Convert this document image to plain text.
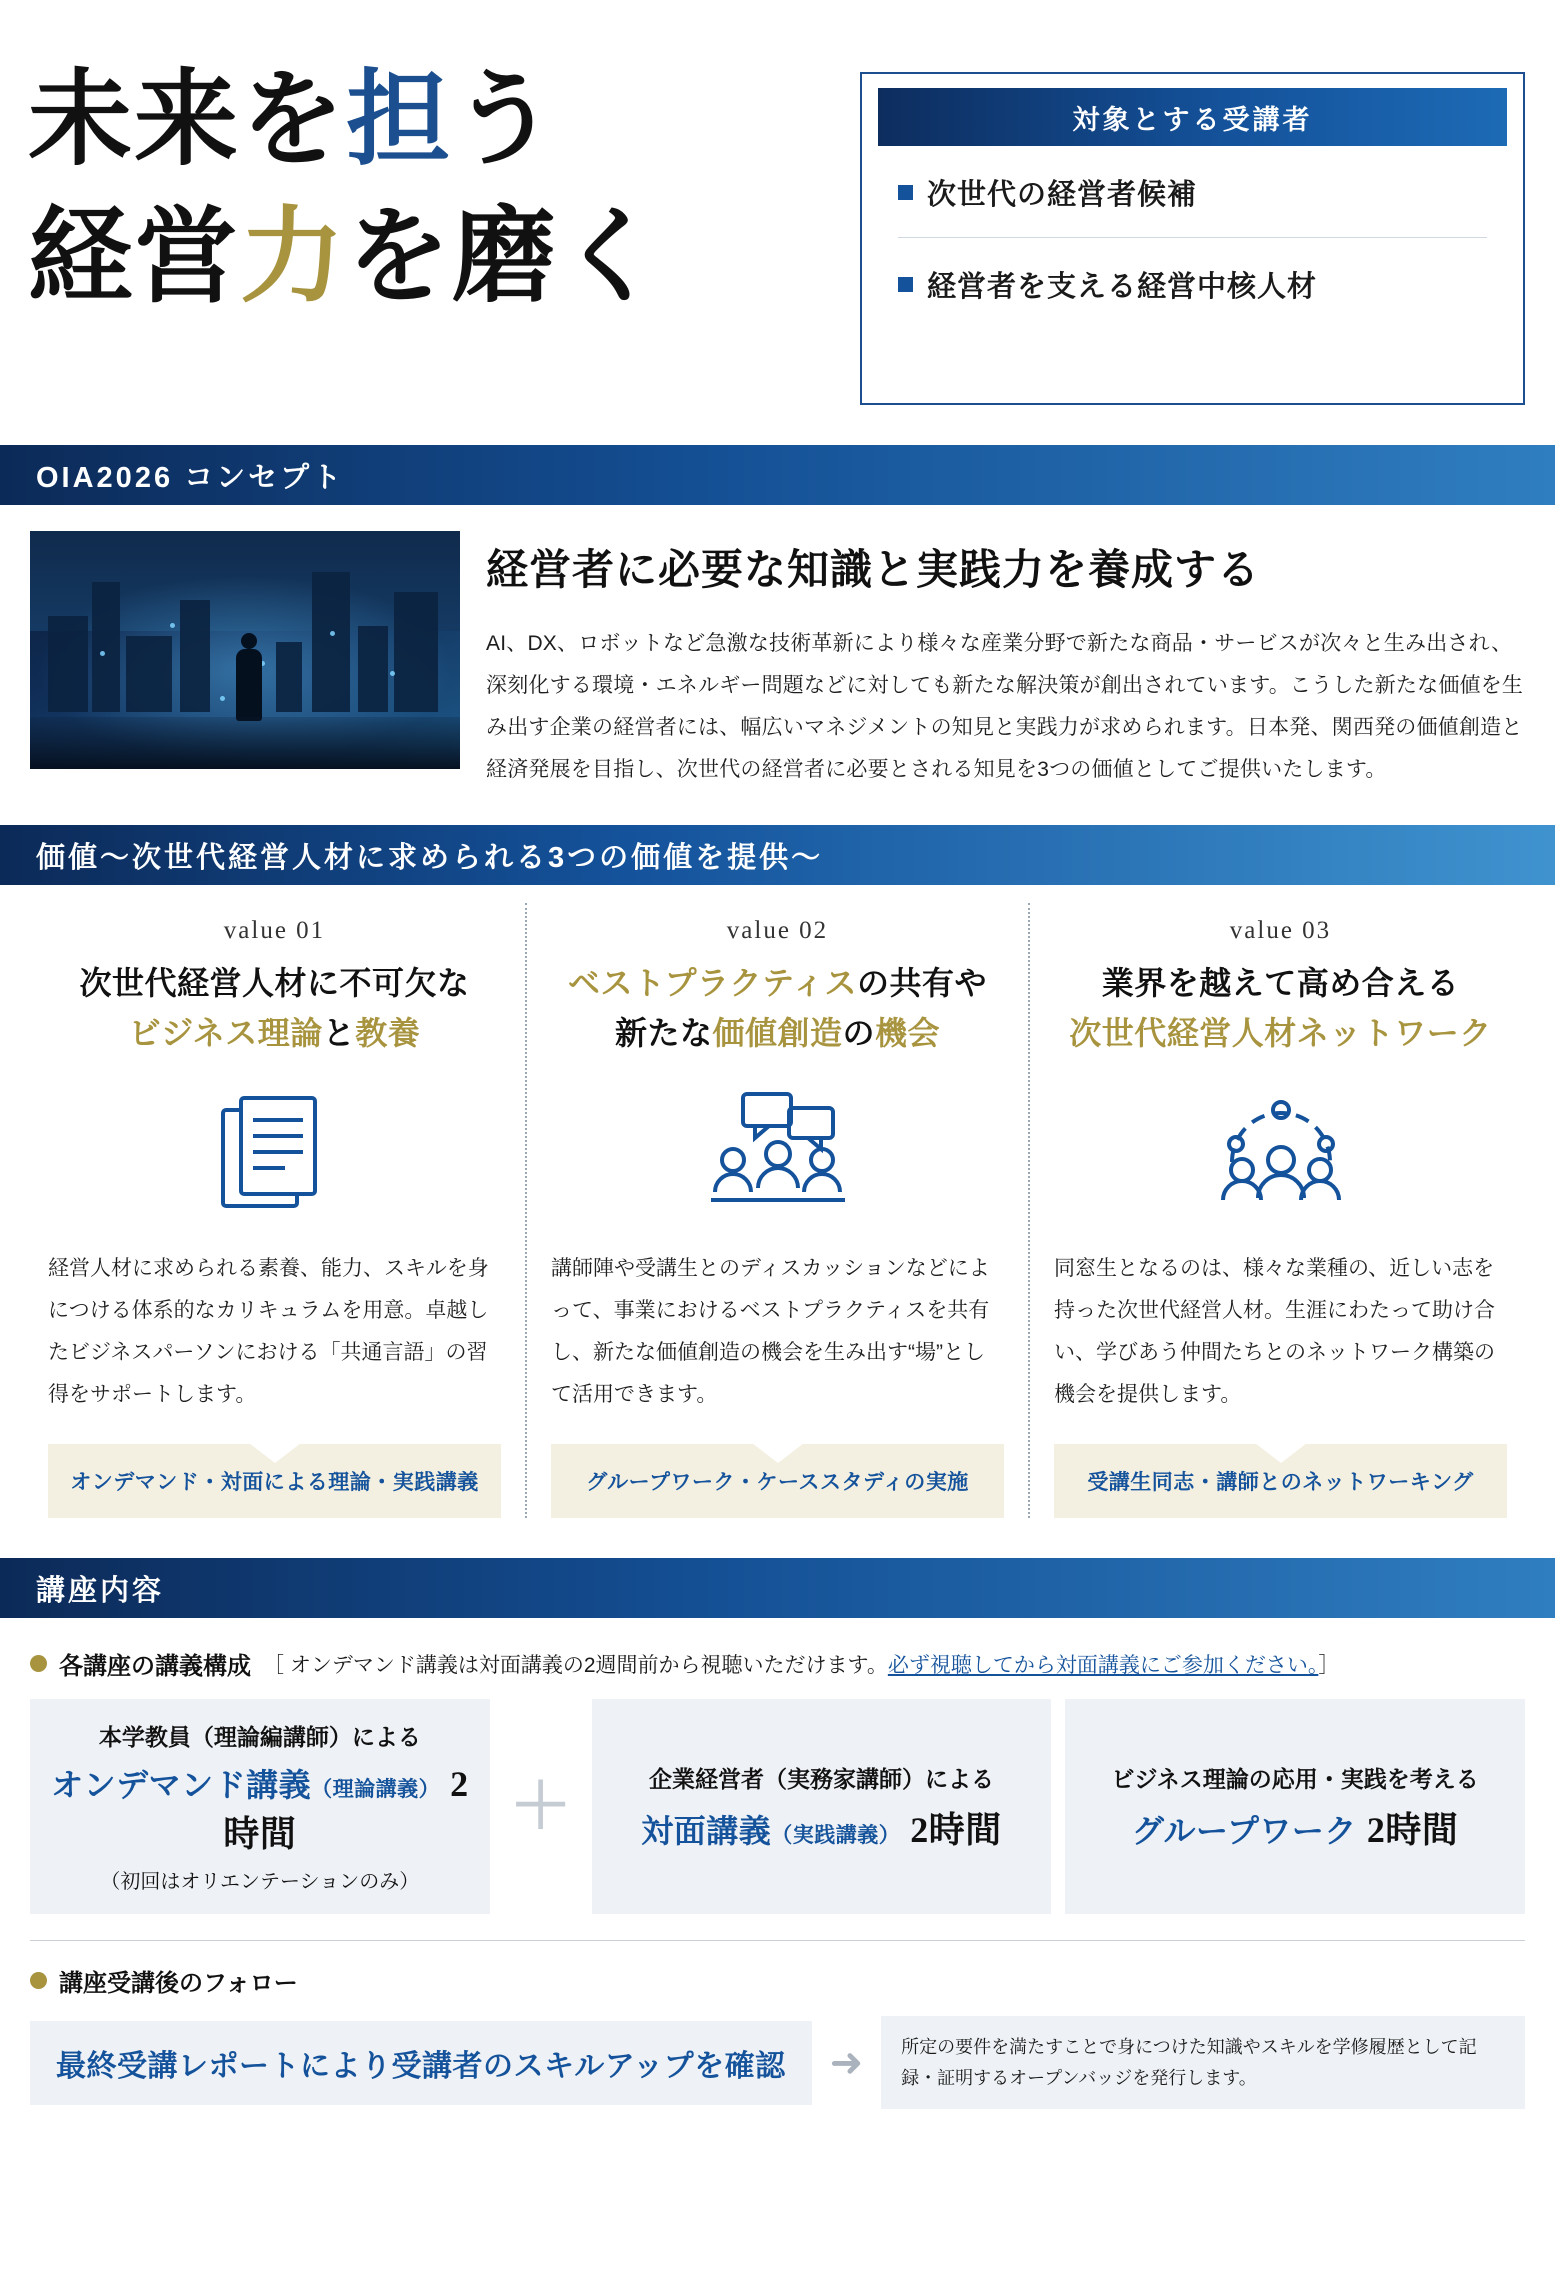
未来を担う
経営力を磨く
対象とする受講者
次世代の経営者候補
経営者を支える経営中核人材
OIA2026 コンセプト
経営者に必要な知識と実践力を養成する
AI、DX、ロボットなど急激な技術革新により様々な産業分野で新たな商品・サービスが次々と生み出され、深刻化する環境・エネルギー問題などに対しても新たな解決策が創出されています。こうした新たな価値を生み出す企業の経営者には、幅広いマネジメントの知見と実践力が求められます。日本発、関西発の価値創造と経済発展を目指し、次世代の経営者に必要とされる知見を3つの価値としてご提供いたします。
価値〜次世代経営人材に求められる3つの価値を提供〜
value 01
次世代経営人材に不可欠な
ビジネス理論と教養
経営人材に求められる素養、能力、スキルを身につける体系的なカリキュラムを用意。卓越したビジネスパーソンにおける「共通言語」の習得をサポートします。
オンデマンド・対面による理論・実践講義
value 02
ベストプラクティスの共有や
新たな価値創造の機会
講師陣や受講生とのディスカッションなどによって、事業におけるベストプラクティスを共有し、新たな価値創造の機会を生み出す“場”として活用できます。
グループワーク・ケーススタディの実施
value 03
業界を越えて高め合える
次世代経営人材ネットワーク
同窓生となるのは、様々な業種の、近しい志を持った次世代経営人材。生涯にわたって助け合い、学びあう仲間たちとのネットワーク構築の機会を提供します。
受講生同志・講師とのネットワーキング
講座内容
各講座の講義構成 ［ オンデマンド講義は対面講義の2週間前から視聴いただけます。必ず視聴してから対面講義にご参加ください。］
本学教員（理論編講師）による
オンデマンド講義（理論講義） 2時間
（初回はオリエンテーションのみ）
＋	企業経営者（実務家講師）による
対面講義（実践講義） 2時間
ビジネス理論の応用・実践を考える
グループワーク 2時間
講座受講後のフォロー
最終受講レポートにより受講者のスキルアップを確認	➜	所定の要件を満たすことで身につけた知識やスキルを学修履歴として記録・証明するオープンバッジを発行します。
